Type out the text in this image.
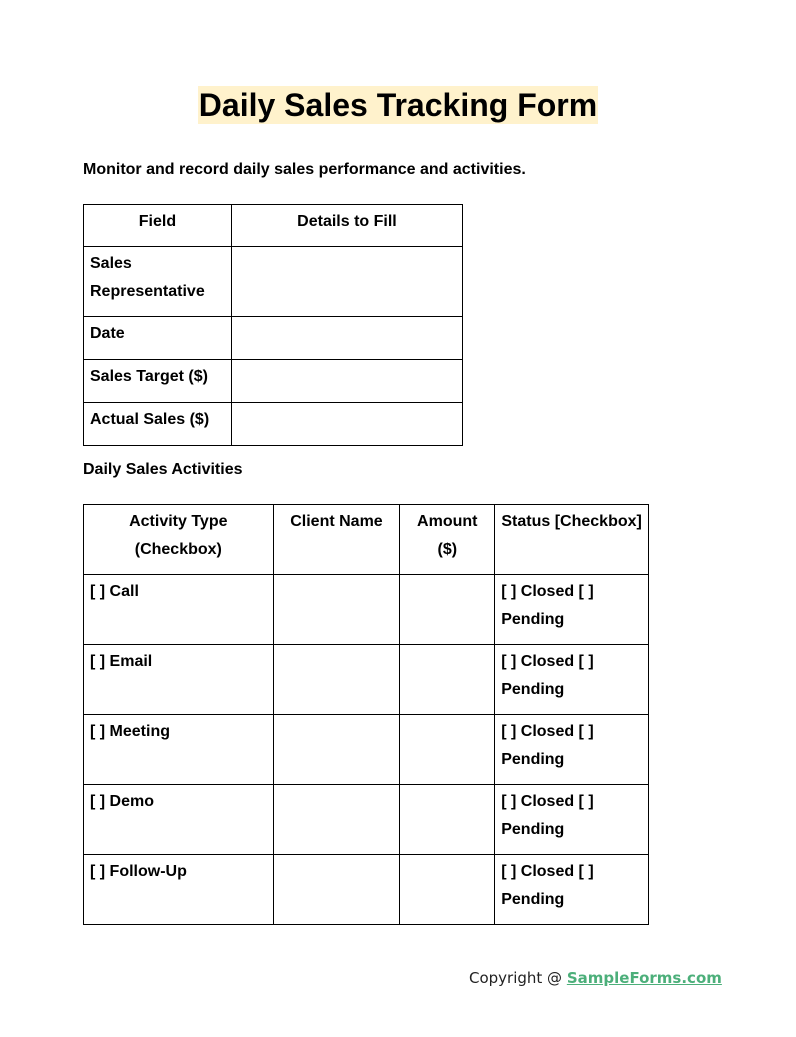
Daily Sales Tracking Form

Monitor and record daily sales performance and activities.

Field	Details to Fill
Sales Representative	
Date	
Sales Target ($)	
Actual Sales ($)	

Daily Sales Activities

Activity Type (Checkbox)	Client Name	Amount ($)	Status [Checkbox]
[ ] Call			[ ] Closed [ ] Pending
[ ] Email			[ ] Closed [ ] Pending
[ ] Meeting			[ ] Closed [ ] Pending
[ ] Demo			[ ] Closed [ ] Pending
[ ] Follow-Up			[ ] Closed [ ] Pending
Copyright @ SampleForms.com
